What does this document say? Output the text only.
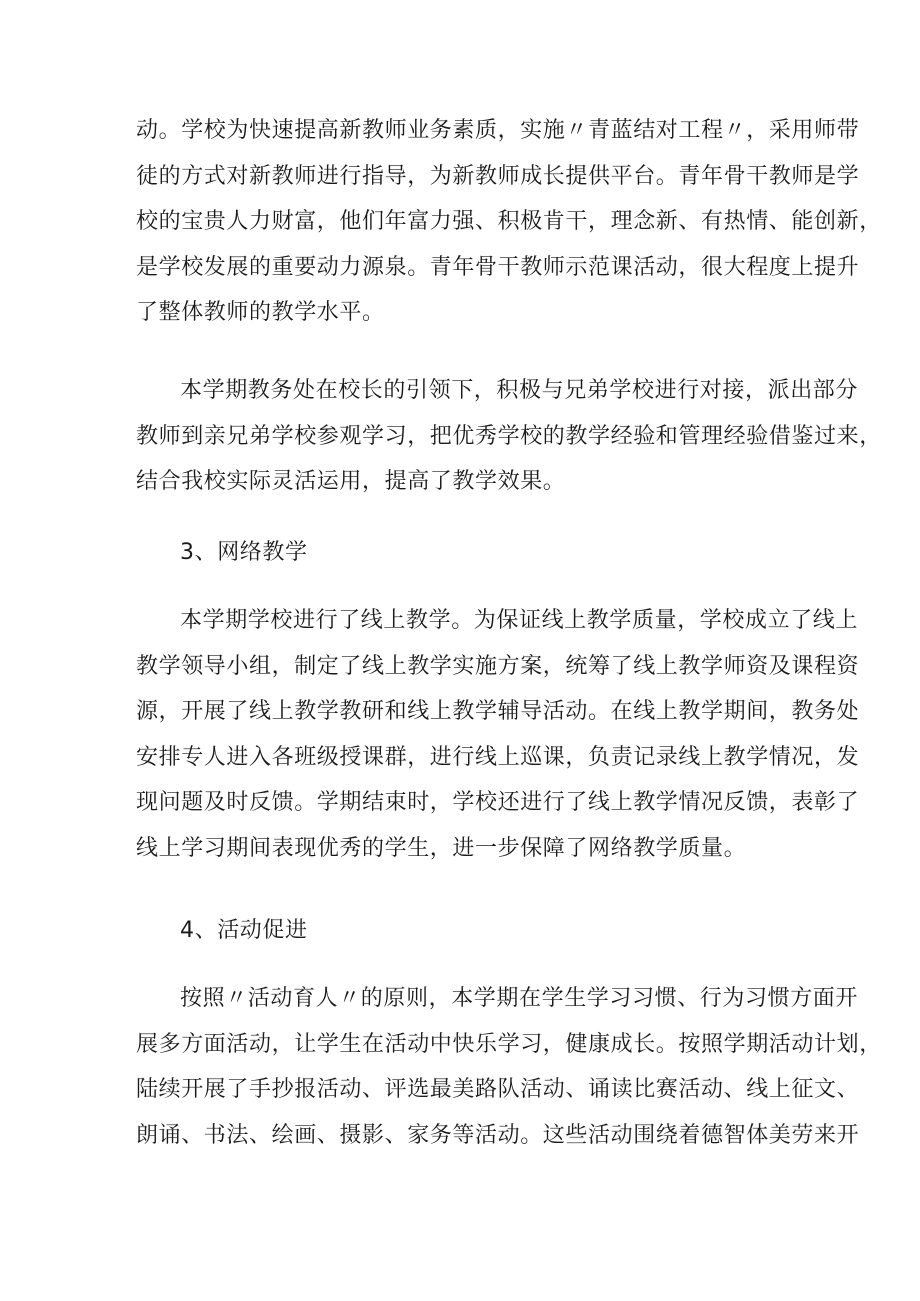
动。学校为快速提高新教师业务素质，实施〃青蓝结对工程〃，采用师带
徒的方式对新教师进行指导，为新教师成长提供平台。青年骨干教师是学
校的宝贵人力财富，他们年富力强、积极肯干，理念新、有热情、能创新，
是学校发展的重要动力源泉。青年骨干教师示范课活动，很大程度上提升
了整体教师的教学水平。
本学期教务处在校长的引领下，积极与兄弟学校进行对接，派出部分
教师到亲兄弟学校参观学习，把优秀学校的教学经验和管理经验借鉴过来，
结合我校实际灵活运用，提高了教学效果。
3、网络教学
本学期学校进行了线上教学。为保证线上教学质量，学校成立了线上
教学领导小组，制定了线上教学实施方案，统筹了线上教学师资及课程资
源，开展了线上教学教研和线上教学辅导活动。在线上教学期间，教务处
安排专人进入各班级授课群，进行线上巡课，负责记录线上教学情况，发
现问题及时反馈。学期结束时，学校还进行了线上教学情况反馈，表彰了
线上学习期间表现优秀的学生，进一步保障了网络教学质量。
4、活动促进
按照〃活动育人〃的原则，本学期在学生学习习惯、行为习惯方面开
展多方面活动，让学生在活动中快乐学习，健康成长。按照学期活动计划，
陆续开展了手抄报活动、评选最美路队活动、诵读比赛活动、线上征文、
朗诵、书法、绘画、摄影、家务等活动。这些活动围绕着德智体美劳来开
